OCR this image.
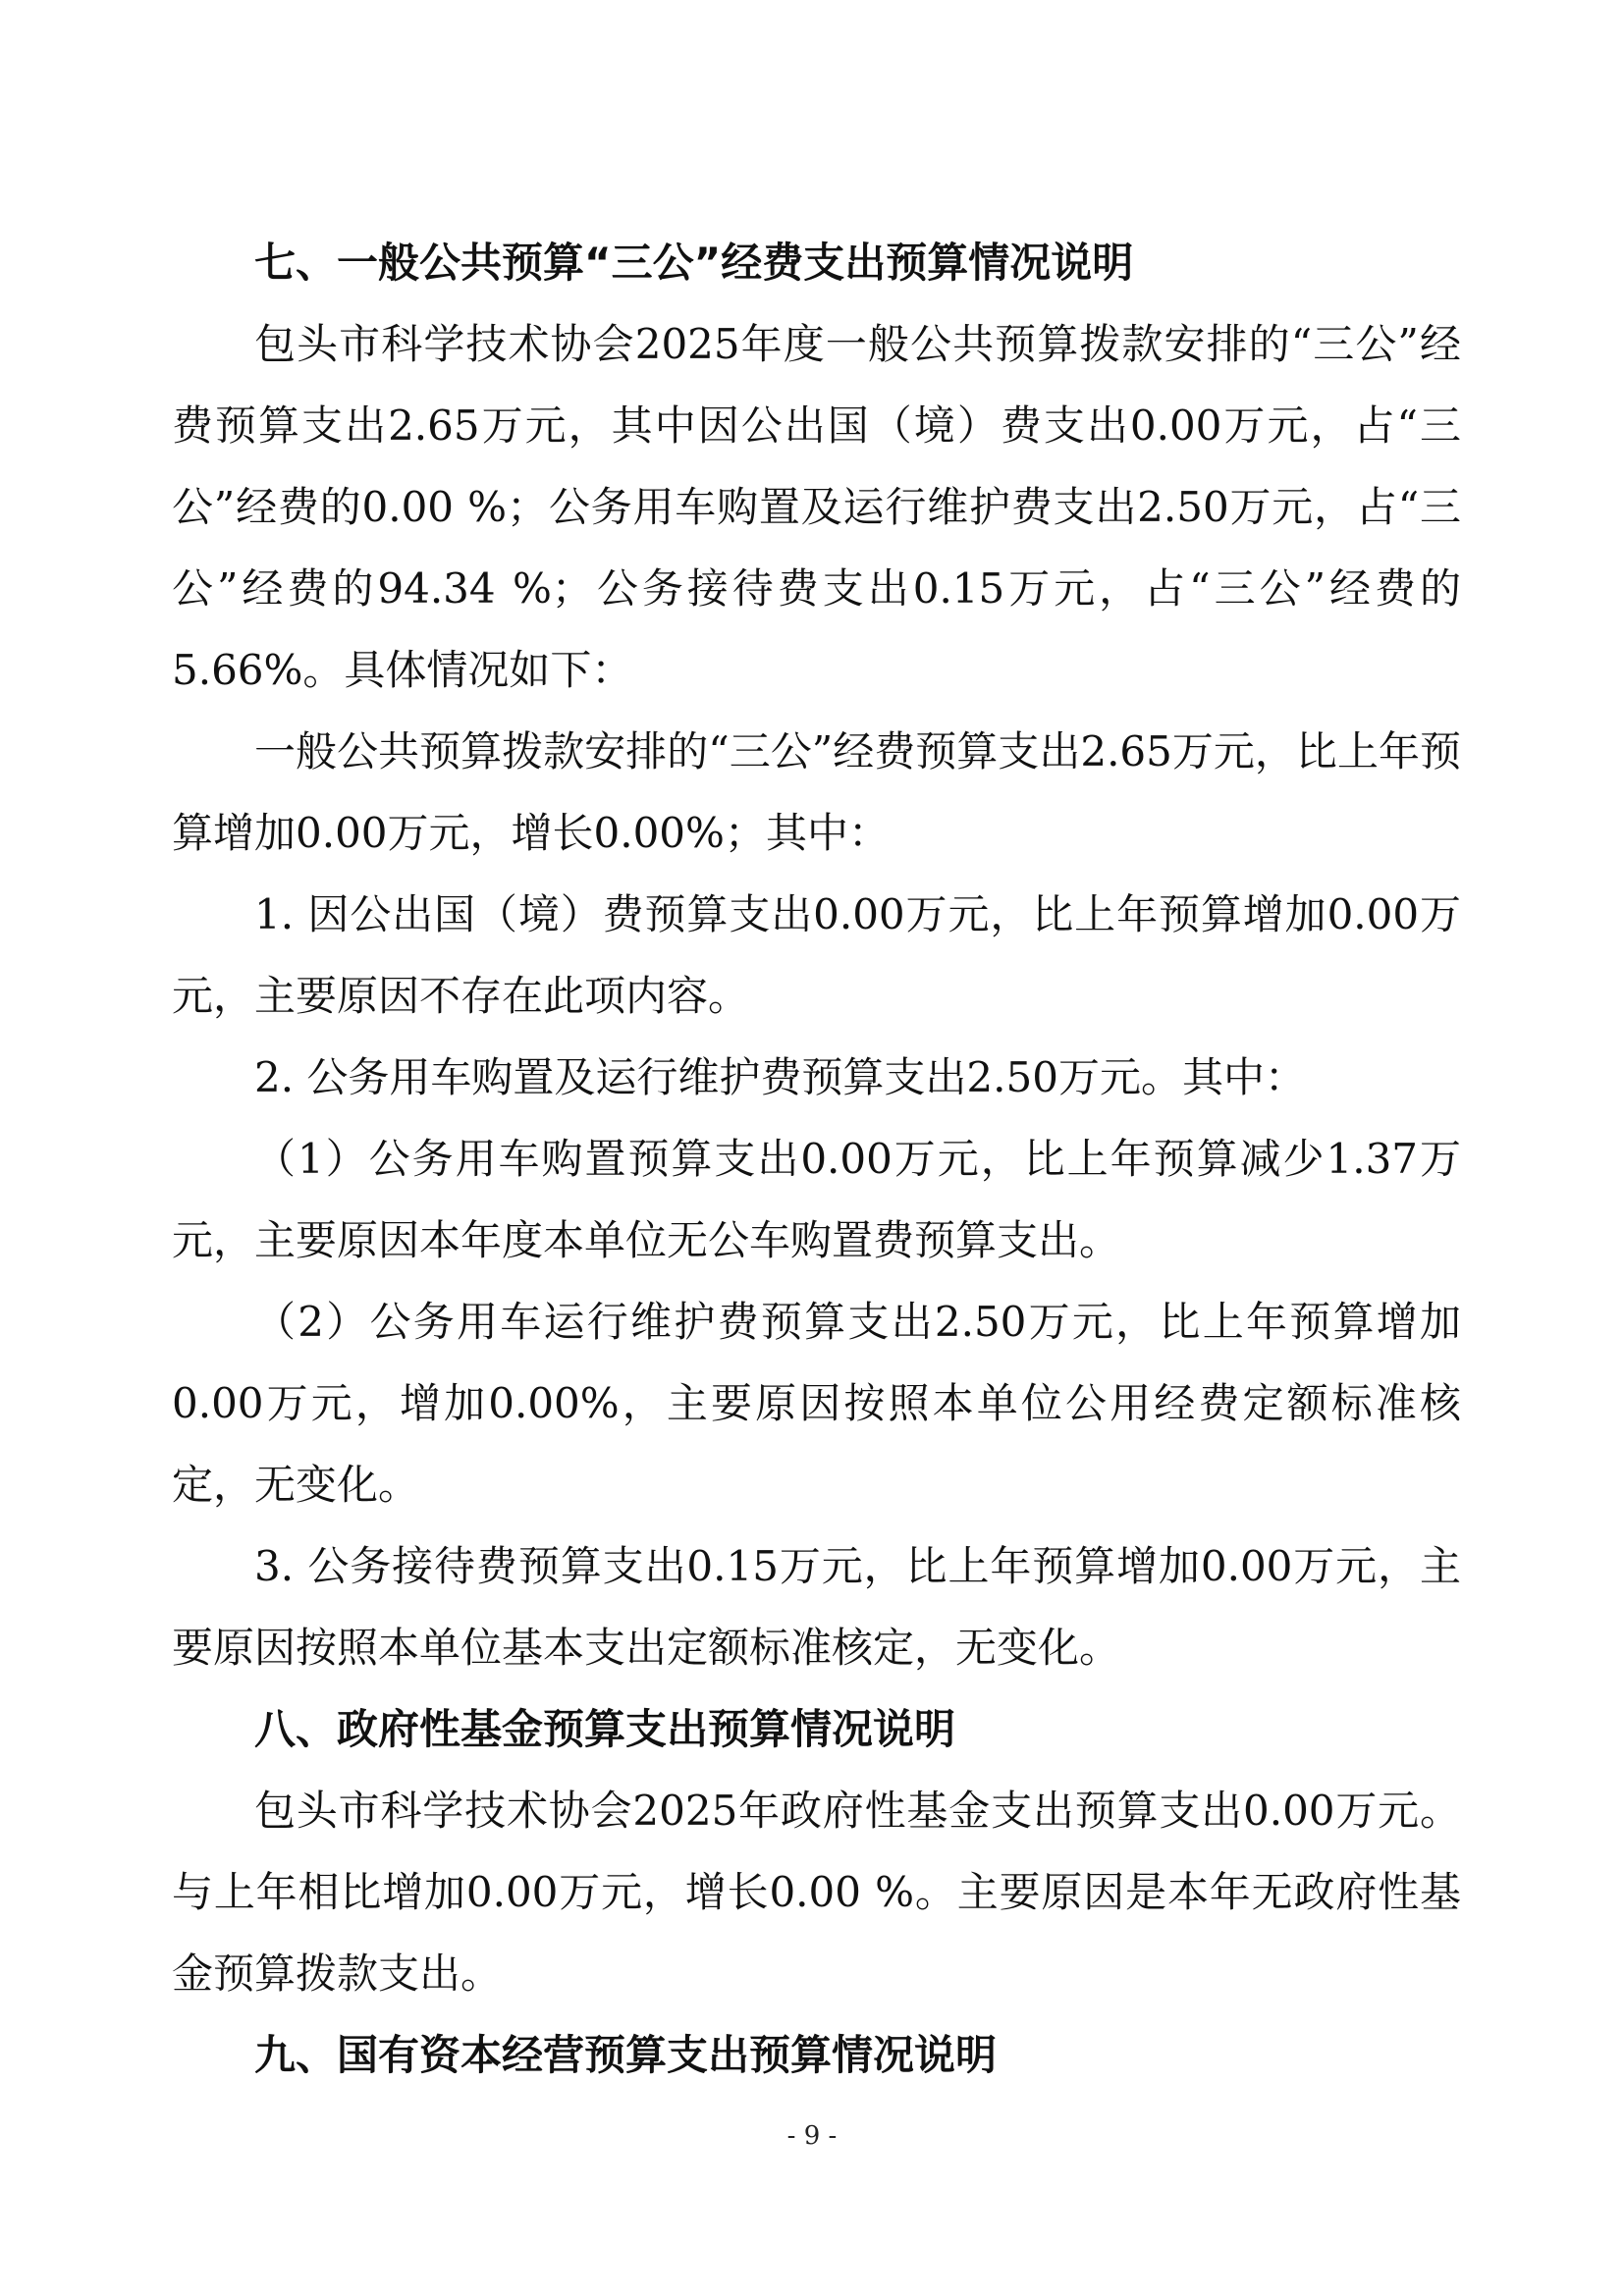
七、一般公共预算“三公”经费支出预算情况说明

包头市科学技术协会2025年度一般公共预算拨款安排的“三公”经费预算支出2.65万元，其中因公出国（境）费支出0.00万元，占“三公”经费的0.00 %；公务用车购置及运行维护费支出2.50万元，占“三公”经费的94.34 %；公务接待费支出0.15万元，占“三公”经费的5.66%。具体情况如下：

一般公共预算拨款安排的“三公”经费预算支出2.65万元，比上年预算增加0.00万元，增长0.00%；其中：

1. 因公出国（境）费预算支出0.00万元，比上年预算增加0.00万元，主要原因不存在此项内容。

2. 公务用车购置及运行维护费预算支出2.50万元。其中：

（1）公务用车购置预算支出0.00万元，比上年预算减少1.37万元，主要原因本年度本单位无公车购置费预算支出。

（2）公务用车运行维护费预算支出2.50万元，比上年预算增加0.00万元，增加0.00%，主要原因按照本单位公用经费定额标准核定，无变化。

3. 公务接待费预算支出0.15万元，比上年预算增加0.00万元，主要原因按照本单位基本支出定额标准核定，无变化。

八、政府性基金预算支出预算情况说明

包头市科学技术协会2025年政府性基金支出预算支出0.00万元。与上年相比增加0.00万元，增长0.00 %。主要原因是本年无政府性基金预算拨款支出。

九、国有资本经营预算支出预算情况说明

- 9 -
